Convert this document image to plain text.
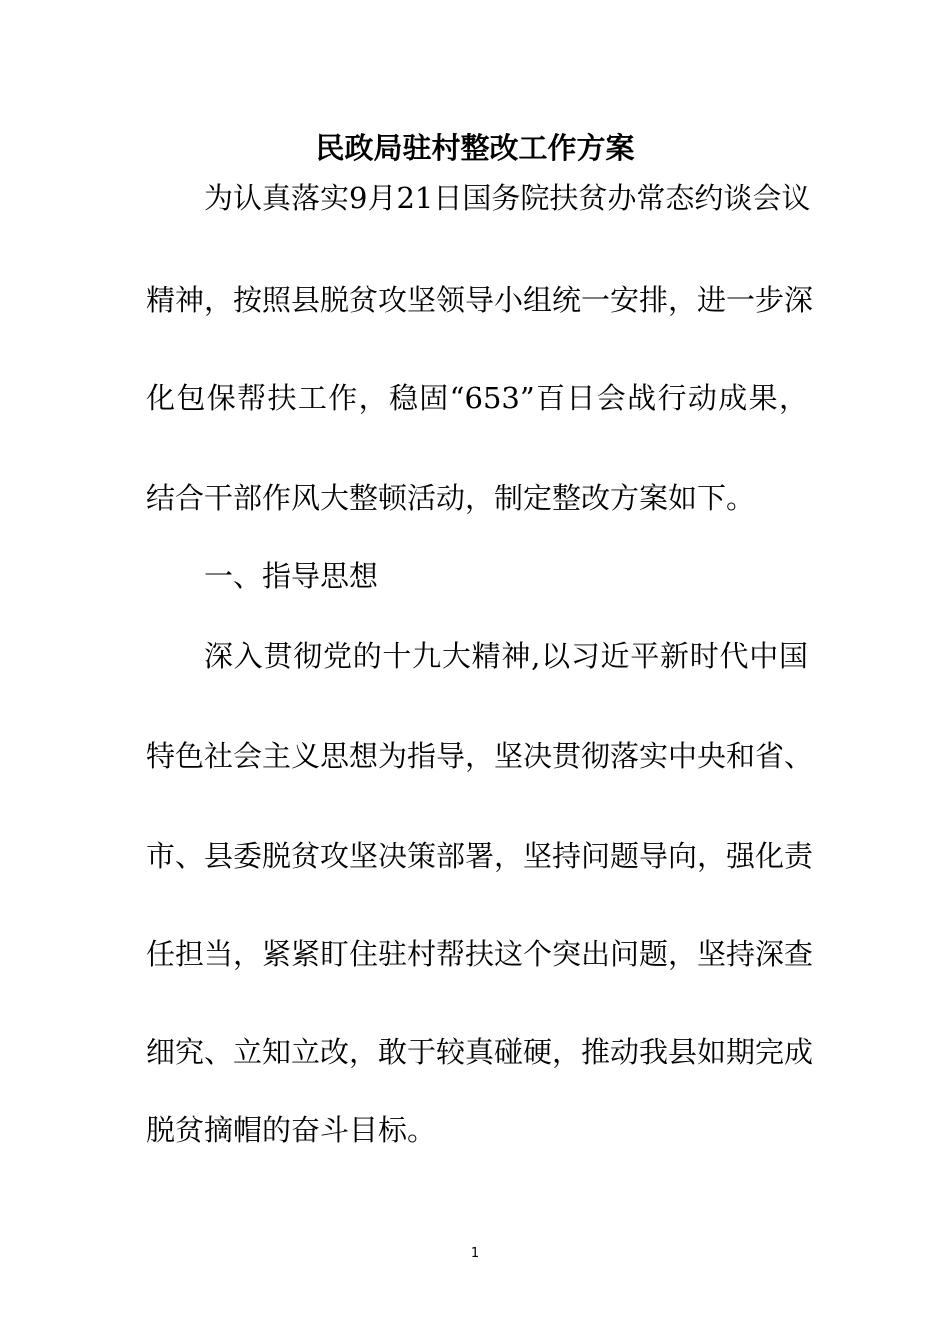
民政局驻村整改工作方案
为认真落实9月21日国务院扶贫办常态约谈会议
精神，按照县脱贫攻坚领导小组统一安排，进一步深
化包保帮扶工作，稳固“653”百日会战行动成果，
结合干部作风大整顿活动，制定整改方案如下。
一、指导思想
深入贯彻党的十九大精神,以习近平新时代中国
特色社会主义思想为指导，坚决贯彻落实中央和省、
市、县委脱贫攻坚决策部署，坚持问题导向，强化责
任担当，紧紧盯住驻村帮扶这个突出问题，坚持深查
细究、立知立改，敢于较真碰硬，推动我县如期完成
脱贫摘帽的奋斗目标。
1
